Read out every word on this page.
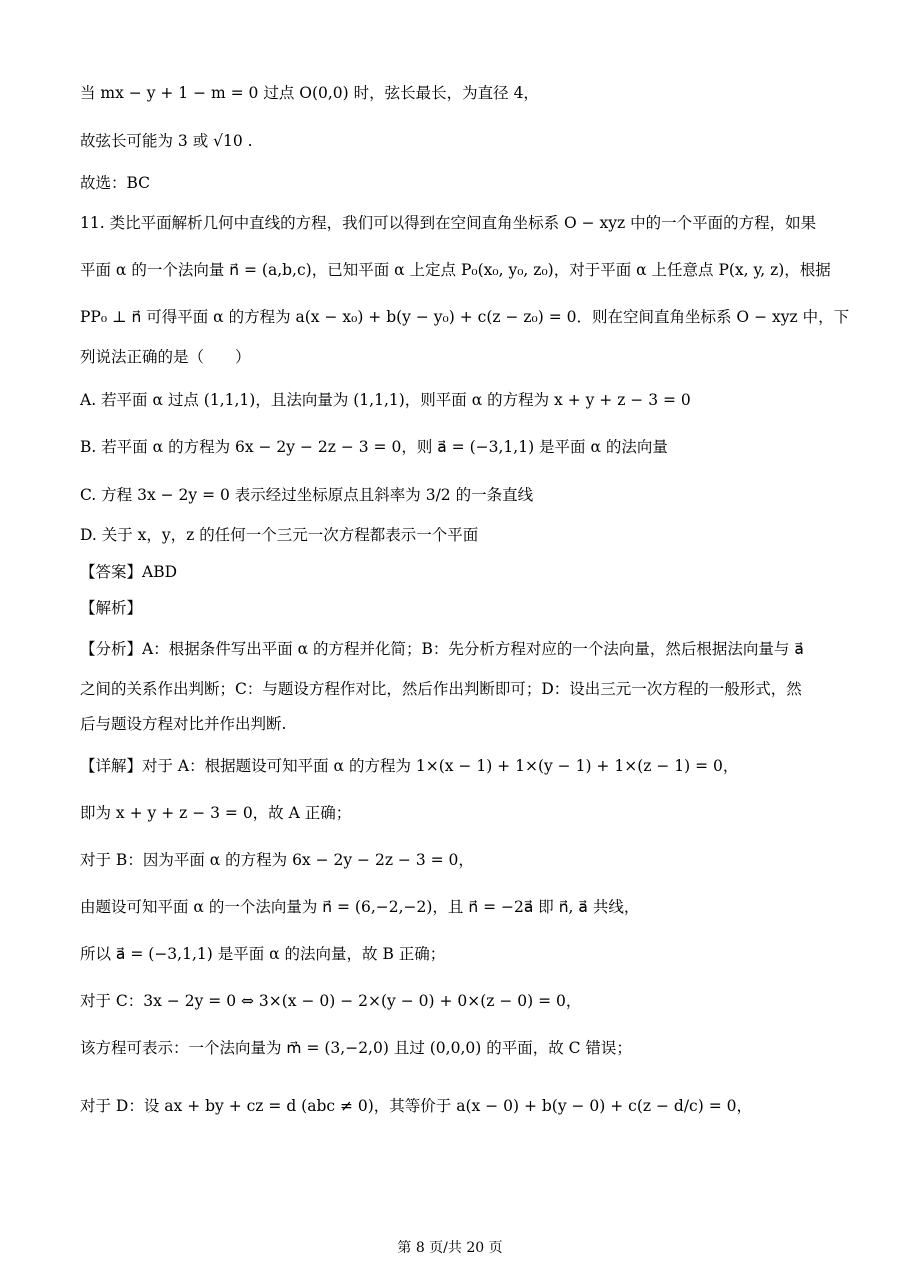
当 mx − y + 1 − m = 0 过点 O(0,0) 时，弦长最长，为直径 4，
故弦长可能为 3 或 √10 .
故选：BC
11. 类比平面解析几何中直线的方程，我们可以得到在空间直角坐标系 O − xyz 中的一个平面的方程，如果
平面 α 的一个法向量 n⃗ = (a,b,c)，已知平面 α 上定点 P₀(x₀, y₀, z₀)，对于平面 α 上任意点 P(x, y, z)，根据
PP₀ ⊥ n⃗ 可得平面 α 的方程为 a(x − x₀) + b(y − y₀) + c(z − z₀) = 0．则在空间直角坐标系 O − xyz 中，下
列说法正确的是（　　）
A. 若平面 α 过点 (1,1,1)，且法向量为 (1,1,1)，则平面 α 的方程为 x + y + z − 3 = 0
B. 若平面 α 的方程为 6x − 2y − 2z − 3 = 0，则 a⃗ = (−3,1,1) 是平面 α 的法向量
C. 方程 3x − 2y = 0 表示经过坐标原点且斜率为 3/2 的一条直线
D. 关于 x，y，z 的任何一个三元一次方程都表示一个平面
【答案】ABD
【解析】
【分析】A：根据条件写出平面 α 的方程并化简；B：先分析方程对应的一个法向量，然后根据法向量与 a⃗
之间的关系作出判断；C：与题设方程作对比，然后作出判断即可；D：设出三元一次方程的一般形式，然
后与题设方程对比并作出判断.
【详解】对于 A：根据题设可知平面 α 的方程为 1×(x − 1) + 1×(y − 1) + 1×(z − 1) = 0，
即为 x + y + z − 3 = 0，故 A 正确；
对于 B：因为平面 α 的方程为 6x − 2y − 2z − 3 = 0，
由题设可知平面 α 的一个法向量为 n⃗ = (6,−2,−2)，且 n⃗ = −2a⃗ 即 n⃗, a⃗ 共线，
所以 a⃗ = (−3,1,1) 是平面 α 的法向量，故 B 正确；
对于 C：3x − 2y = 0 ⇔ 3×(x − 0) − 2×(y − 0) + 0×(z − 0) = 0，
该方程可表示：一个法向量为 m⃗ = (3,−2,0) 且过 (0,0,0) 的平面，故 C 错误；
对于 D：设 ax + by + cz = d (abc ≠ 0)，其等价于 a(x − 0) + b(y − 0) + c(z − d/c) = 0，
第 8 页/共 20 页
